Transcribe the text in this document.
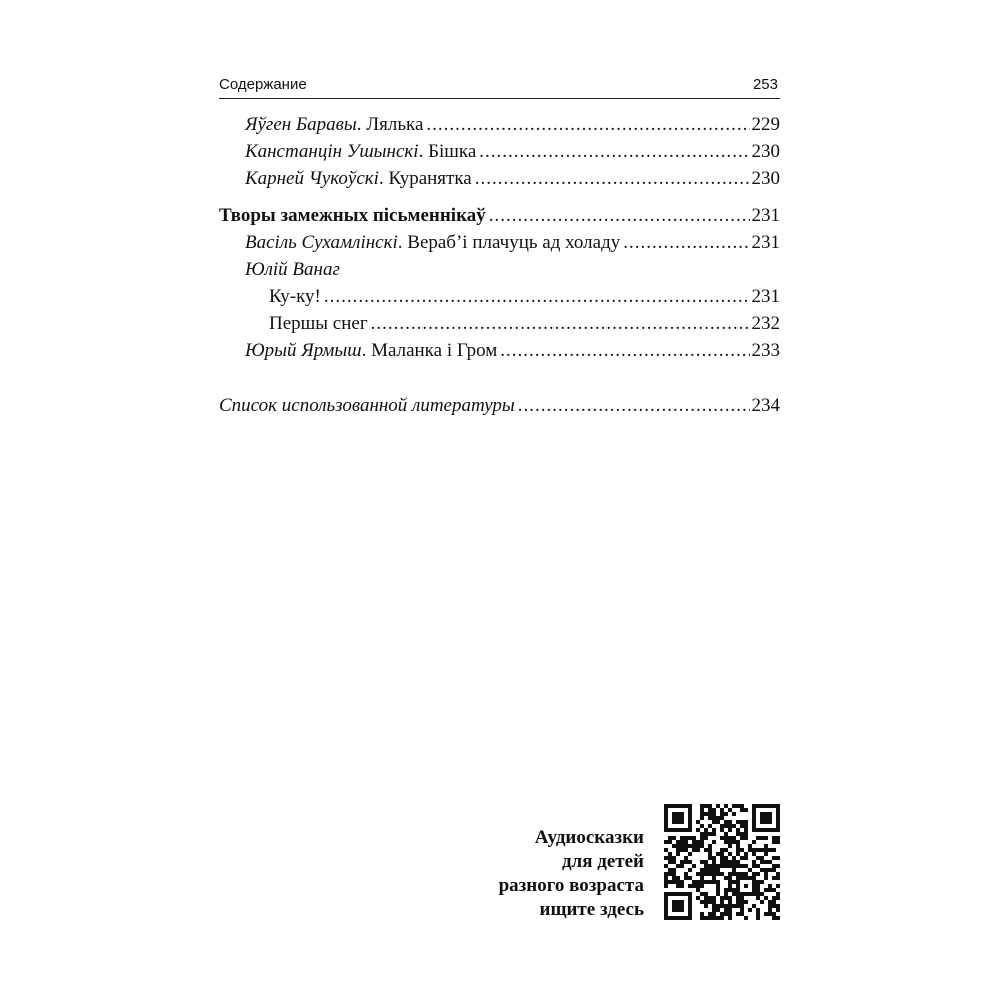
Содержание	253
Яўген Баравы. Лялька .....	229
Канстанцін Ушынскі. Бішка .....	230
Карней Чукоўскі. Куранятка .....	230
Творы замежных пісьменнікаў .....	231
Васіль Сухамлінскі. Вераб’і плачуць ад холаду .....	231
Юлій Ванаг
Ку-ку! .....	231
Першы снег .....	232
Юрый Ярмыш. Маланка і Гром .....	233
Список использованной литературы .....	234
Аудиосказки
для детей
разного возраста
ищите здесь
